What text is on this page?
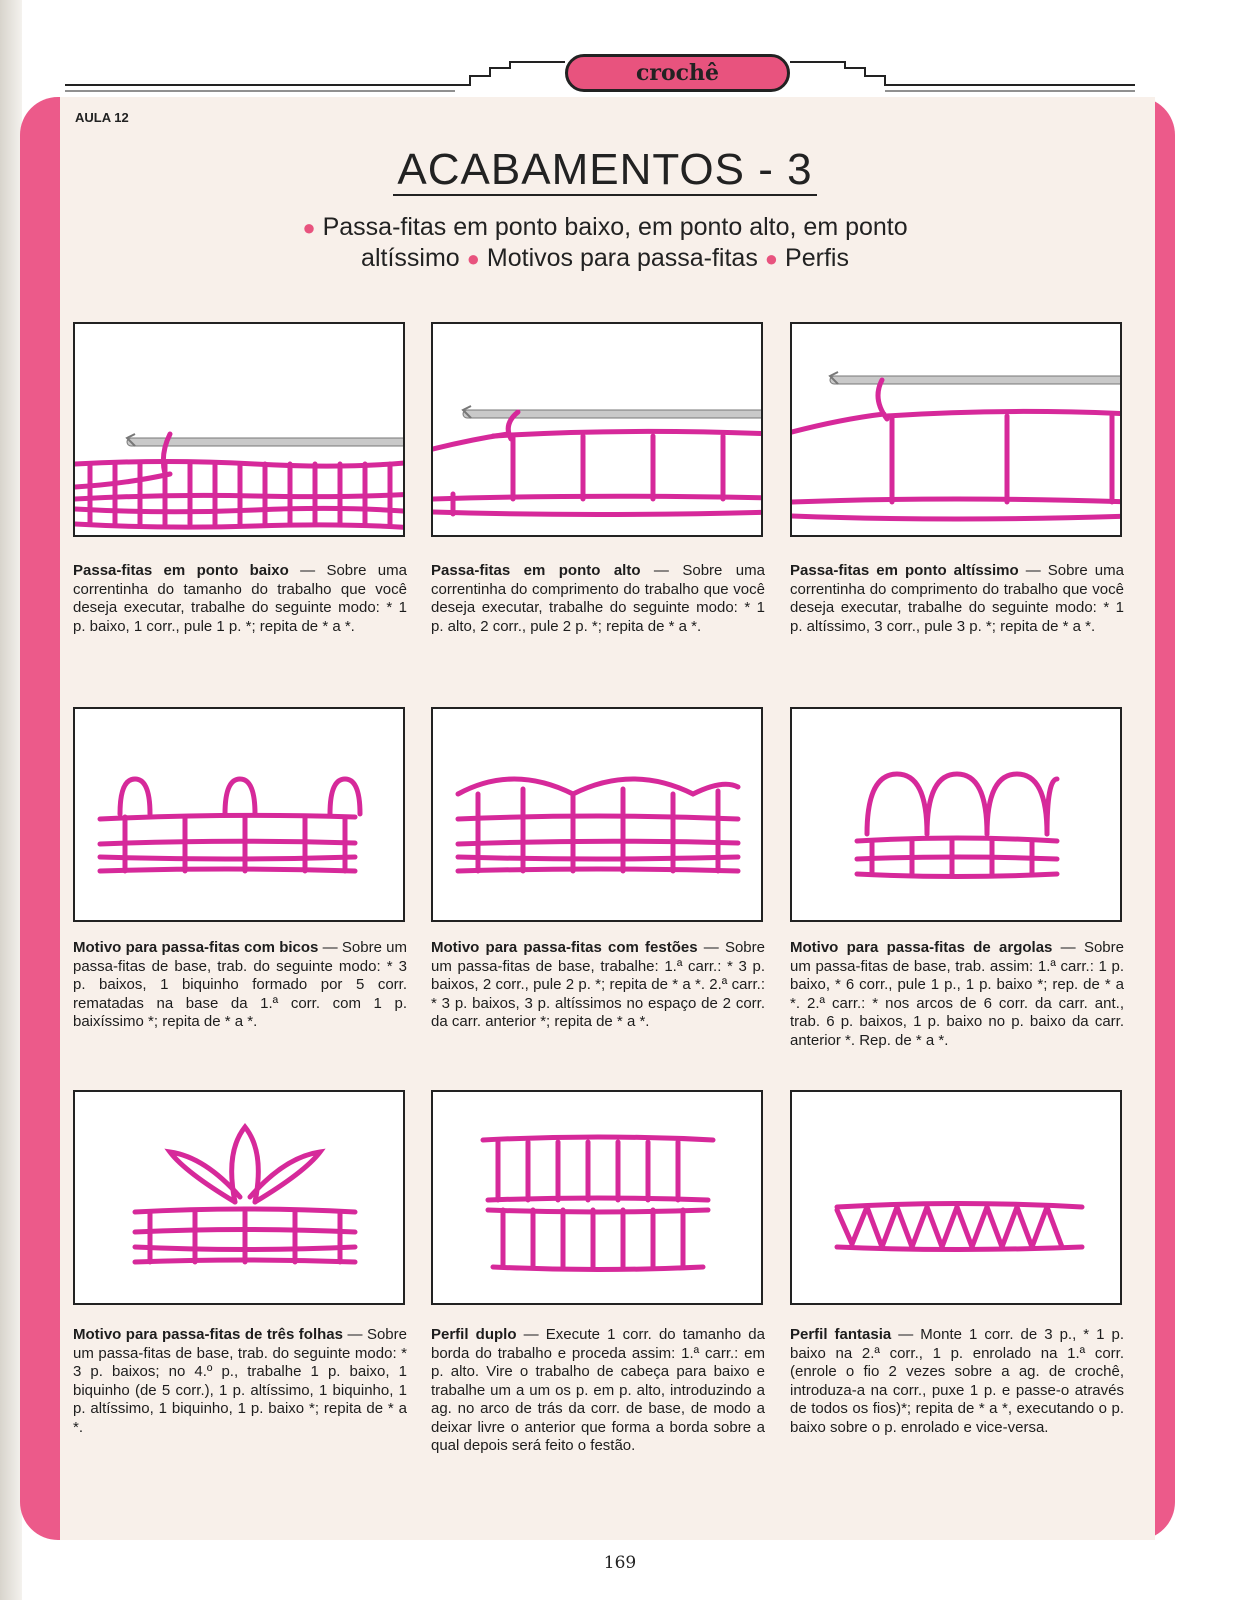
crochê
AULA 12
ACABAMENTOS - 3
● Passa-fitas em ponto baixo, em ponto alto, em ponto
altíssimo ● Motivos para passa-fitas ● Perfis
Passa-fitas em ponto baixo — Sobre uma correntinha do tamanho do trabalho que você deseja executar, trabalhe do seguinte modo: * 1 p. baixo, 1 corr., pule 1 p. *; repita de * a *.
Passa-fitas em ponto alto — Sobre uma correntinha do comprimento do trabalho que você deseja executar, trabalhe do seguinte modo: * 1 p. alto, 2 corr., pule 2 p. *; repita de * a *.
Passa-fitas em ponto altíssimo — Sobre uma correntinha do comprimento do trabalho que você deseja executar, trabalhe do seguinte modo: * 1 p. altíssimo, 3 corr., pule 3 p. *; repita de * a *.
Motivo para passa-fitas com bicos — Sobre um passa-fitas de base, trab. do seguinte modo: * 3 p. baixos, 1 biquinho formado por 5 corr. rematadas na base da 1.ª corr. com 1 p. baixíssimo *; repita de * a *.
Motivo para passa-fitas com festões — Sobre um passa-fitas de base, trabalhe: 1.ª carr.: * 3 p. baixos, 2 corr., pule 2 p. *; repita de * a *. 2.ª carr.: * 3 p. baixos, 3 p. altíssimos no espaço de 2 corr. da carr. anterior *; repita de * a *.
Motivo para passa-fitas de argolas — Sobre um passa-fitas de base, trab. assim: 1.ª carr.: 1 p. baixo, * 6 corr., pule 1 p., 1 p. baixo *; rep. de * a *. 2.ª carr.: * nos arcos de 6 corr. da carr. ant., trab. 6 p. baixos, 1 p. baixo no p. baixo da carr. anterior *. Rep. de * a *.
Motivo para passa-fitas de três folhas — Sobre um passa-fitas de base, trab. do seguinte modo: * 3 p. baixos; no 4.º p., trabalhe 1 p. baixo, 1 biquinho (de 5 corr.), 1 p. altíssimo, 1 biquinho, 1 p. altíssimo, 1 biquinho, 1 p. baixo *; repita de * a *.
Perfil duplo — Execute 1 corr. do tamanho da borda do trabalho e proceda assim: 1.ª carr.: em p. alto. Vire o trabalho de cabeça para baixo e trabalhe um a um os p. em p. alto, introduzindo a ag. no arco de trás da corr. de base, de modo a deixar livre o anterior que forma a borda sobre a qual depois será feito o festão.
Perfil fantasia — Monte 1 corr. de 3 p., * 1 p. baixo na 2.ª corr., 1 p. enrolado na 1.ª corr. (enrole o fio 2 vezes sobre a ag. de crochê, introduza-a na corr., puxe 1 p. e passe-o através de todos os fios)*; repita de * a *, executando o p. baixo sobre o p. enrolado e vice-versa.
169
